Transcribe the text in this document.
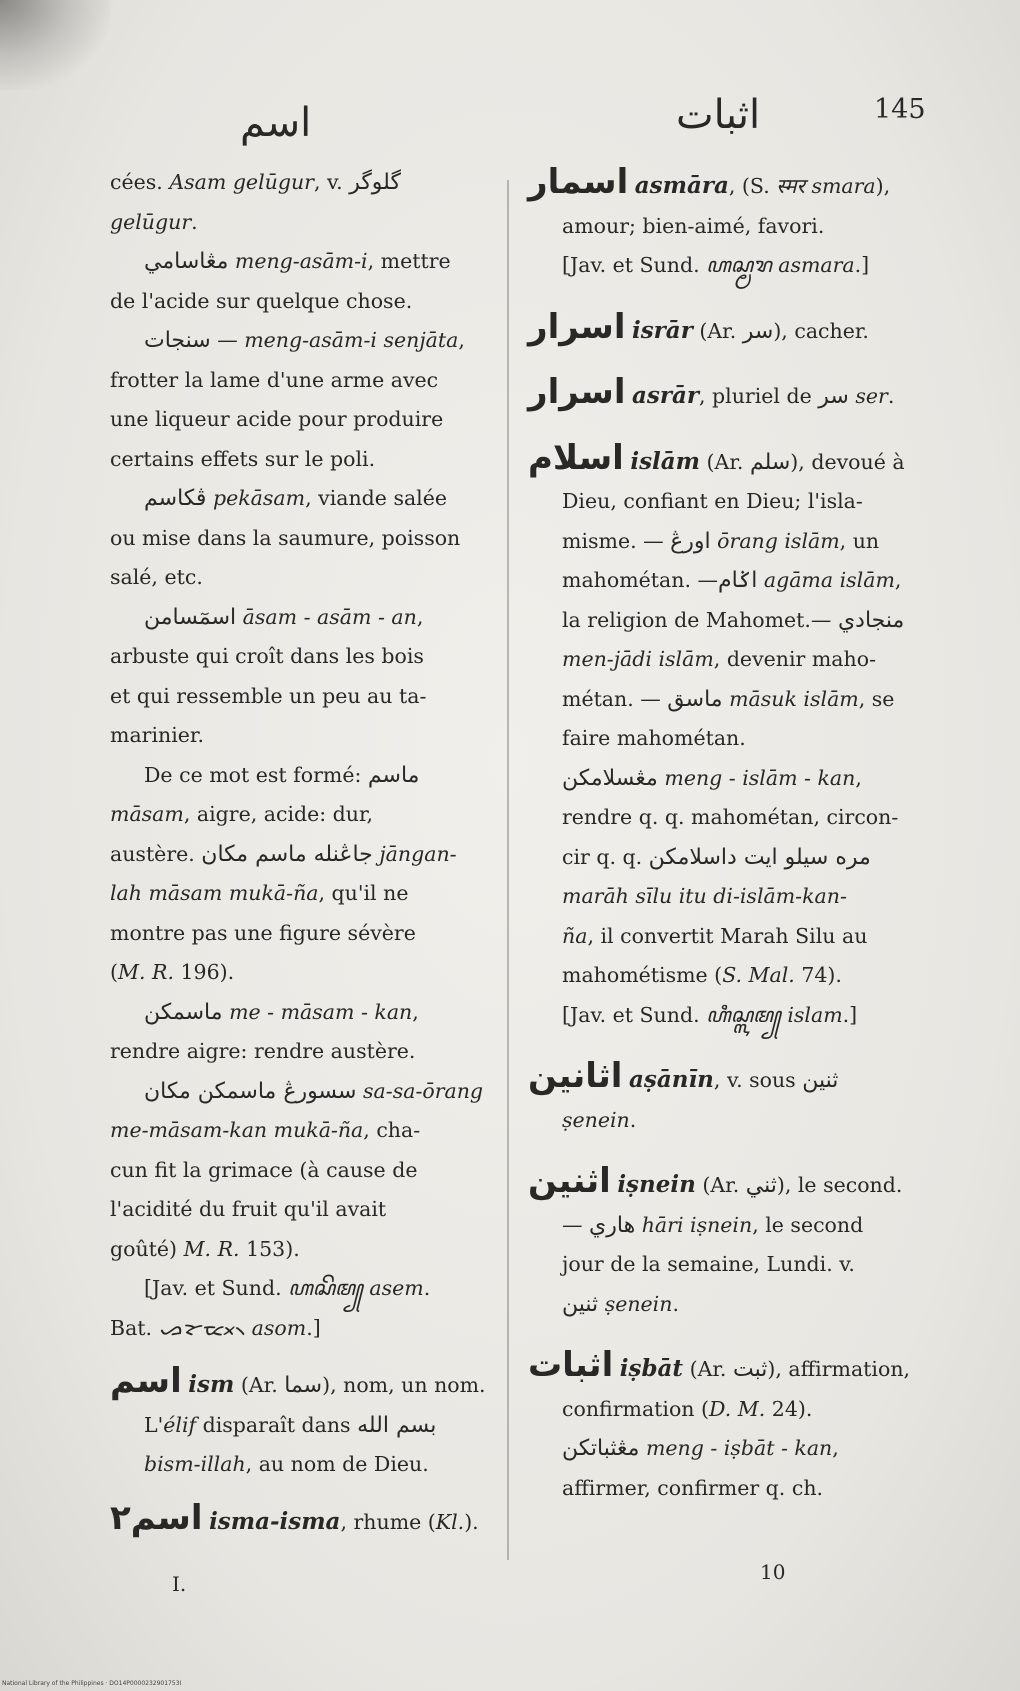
اسم	اثبات	145

cées. Asam gelūgur, v. گلوگر

gelūgur.

مڠاسامي meng-asām-i, mettre

de l'acide sur quelque chose.

سنجات — meng-asām-i senjāta,

frotter la lame d'une arme avec

une liqueur acide pour produire

certains effets sur le poli.

ڤكاسم pekāsam, viande salée

ou mise dans la saumure, poisson

salé, etc.

اسمٓسامن āsam - asām - an,

arbuste qui croît dans les bois

et qui ressemble un peu au ta-

marinier.

De ce mot est formé: ماسم

māsam, aigre, acide: dur,

austère. جاڠنله ماسم مكان jāngan-

lah māsam mukā-ña, qu'il ne

montre pas une figure sévère

(M. R. 196).

ماسمكن me - māsam - kan,

rendre aigre: rendre austère.

سسورڠ ماسمكن مكان sa-sa-ōrang

me-māsam-kan mukā-ña, cha-

cun fit la grimace (à cause de

l'acidité du fruit qu'il avait

goûté) M. R. 153).

[Jav. et Sund. ꦲꦱꦼꦩ꧀ asem.

Bat. ᯀᯘᯬᯔ᯲ asom.]

اسم ism (Ar. سما), nom, un nom.

L'élif disparaît dans بسم الله

bism-illah, au nom de Dieu.

اسم٢ isma-isma, rhume (Kl.).

اسمار asmāra, (S. स्मर smara),

amour; bien-aimé, favori.

[Jav. et Sund. ꦲꦱ꧀ꦩꦫ asmara.]

اسرار isrār (Ar. سر), cacher.

اسرار asrār, pluriel de سر ser.

اسلام islām (Ar. سلم), devoué à

Dieu, confiant en Dieu; l'isla-

misme. — اورڠ ōrang islām, un

mahométan. —اݢام agāma islām,

la religion de Mahomet.— منجادي

men-jādi islām, devenir maho-

métan. — ماسق māsuk islām, se

faire mahométan.

مڠسلامكن meng - islām - kan,

rendre q. q. mahométan, circon-

cir q. q. مره سيلو ايت داسلامكن

marāh sīlu itu di-islām-kan-

ña, il convertit Marah Silu au

mahométisme (S. Mal. 74).

[Jav. et Sund. ꦲꦶꦱ꧀ꦭꦩ꧀ islam.]

اثانين aṣānīn, v. sous ثنين

ṣenein.

اثنين iṣnein (Ar. ثني), le second.

— هاري hāri iṣnein, le second

jour de la semaine, Lundi. v.

ثنين ṣenein.

اثبات iṣbāt (Ar. ثبت), affirmation,

confirmation (D. M. 24).

مڠثباتكن meng - iṣbāt - kan,

affirmer, confirmer q. ch.

I.	10
National Library of the Philippines · DO14P0000232901753I
